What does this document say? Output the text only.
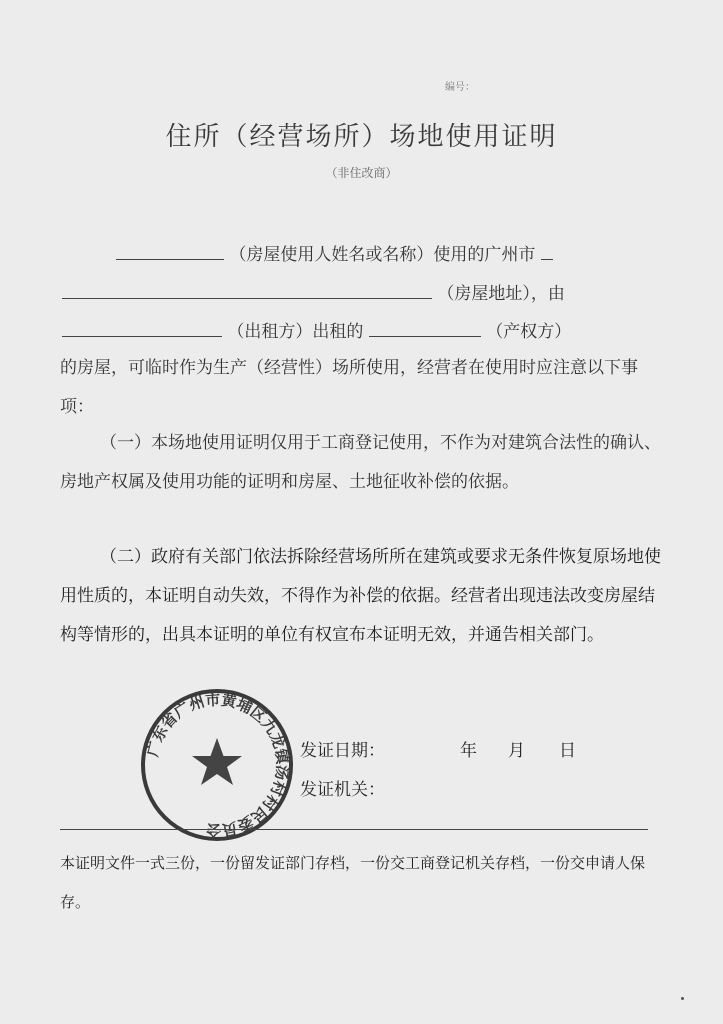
编号：
住所（经营场所）场地使用证明
（非住改商）
（房屋使用人姓名或名称）使用的广州市
（房屋地址），由
（出租方）出租的	（产权方）
的房屋，可临时作为生产（经营性）场所使用，经营者在使用时应注意以下事项：
（一）本场地使用证明仅用于工商登记使用，不作为对建筑合法性的确认、房地产权属及使用功能的证明和房屋、土地征收补偿的依据。
（二）政府有关部门依法拆除经营场所所在建筑或要求无条件恢复原场地使用性质的，本证明自动失效，不得作为补偿的依据。经营者出现违法改变房屋结构等情形的，出具本证明的单位有权宣布本证明无效，并通告相关部门。
广东省广州市黄埔区九龙镇汤村村民委员会
发证日期：	年 月 日
发证机关：
本证明文件一式三份，一份留发证部门存档，一份交工商登记机关存档，一份交申请人保存。
